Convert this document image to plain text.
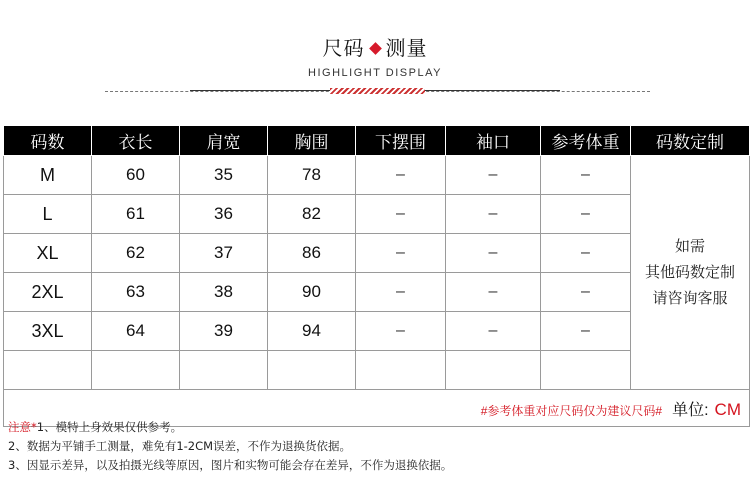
尺码 测量
HIGHLIGHT DISPLAY
码数	衣长	肩宽	胸围	下摆围	袖口	参考体重	码数定制
M	60	35	78	–	–	–	如需
其他码数定制
请咨询客服

L	61	36	82	–	–	–	
XL	62	37	86	–	–	–	
2XL	63	38	90	–	–	–	
3XL	64	39	94	–	–	–	

#参考体重对应尺码仅为建议尺码# 单位: CM							
注意*1、模特上身效果仅供参考。
2、数据为平铺手工测量，难免有1-2CM误差，不作为退换货依据。
3、因显示差异，以及拍摄光线等原因，图片和实物可能会存在差异，不作为退换依据。
